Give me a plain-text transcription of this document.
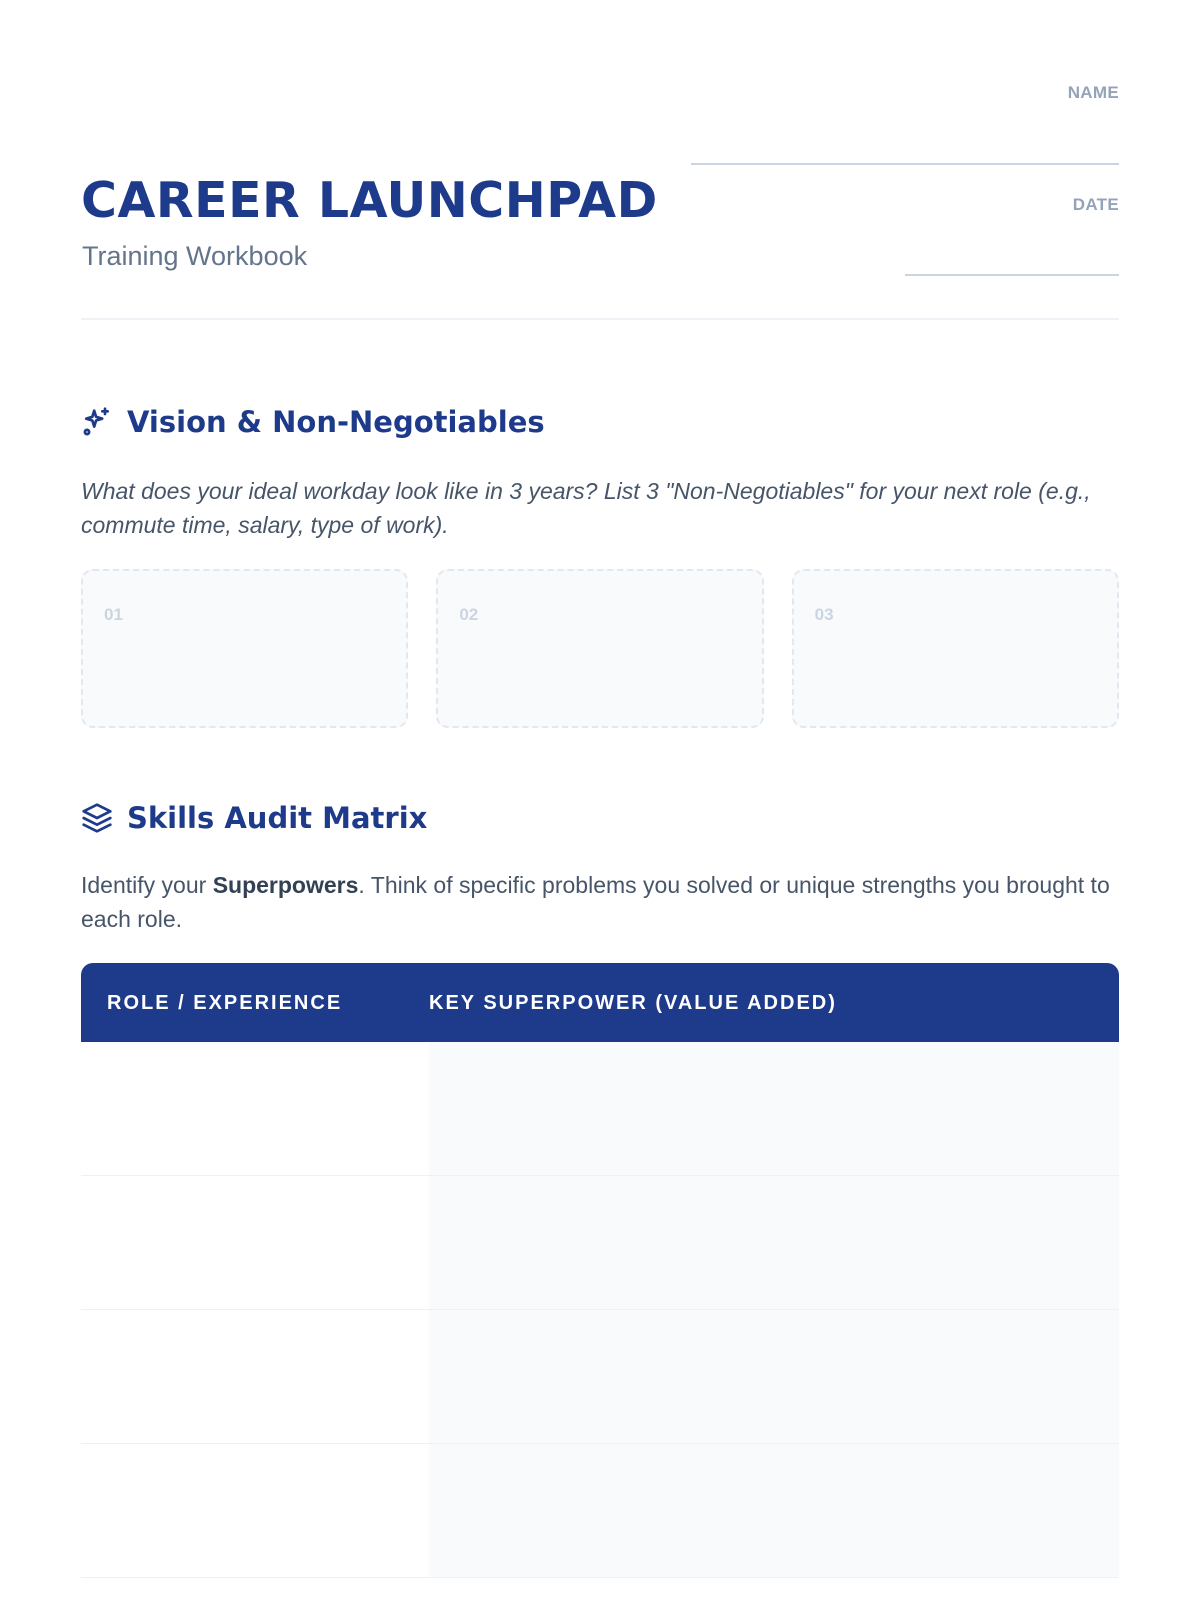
CAREER LAUNCHPAD
Training Workbook
NAME
DATE
Vision & Non-Negotiables
What does your ideal workday look like in 3 years? List 3 "Non-Negotiables" for your next role (e.g., commute time, salary, type of work).
01	02	03
Skills Audit Matrix
Identify your Superpowers. Think of specific problems you solved or unique strengths you brought to each role.
ROLE / EXPERIENCE	KEY SUPERPOWER (VALUE ADDED)
